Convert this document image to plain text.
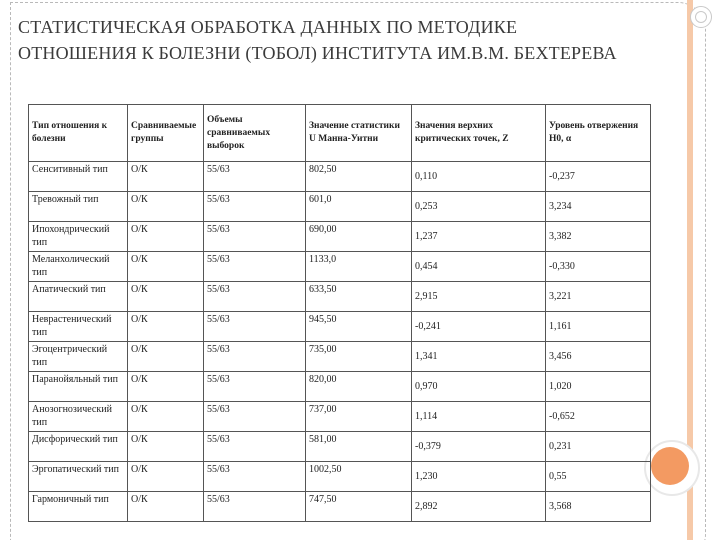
СТАТИСТИЧЕСКАЯ ОБРАБОТКА ДАННЫХ ПО МЕТОДИКЕ ОТНОШЕНИЯ К БОЛЕЗНИ (ТОБОЛ) ИНСТИТУТА ИМ.В.М. БЕХТЕРЕВА
Тип отношения к болезни	Сравниваемые группы	Объемы сравниваемых выборок	Значение статистики U Манна-Уитни	Значения верхних критических точек, Z	Уровень отвержения H0, α
Сенситивный тип	О/К	55/63	802,50	0,110	-0,237
Тревожный тип	О/К	55/63	601,0	0,253	3,234
Ипохондрический тип	О/К	55/63	690,00	1,237	3,382
Меланхолический тип	О/К	55/63	1133,0	0,454	-0,330
Апатический тип	О/К	55/63	633,50	2,915	3,221
Неврастенический тип	О/К	55/63	945,50	-0,241	1,161
Эгоцентрический тип	О/К	55/63	735,00	1,341	3,456
Паранойяльный тип	О/К	55/63	820,00	0,970	1,020
Анозогнозический тип	О/К	55/63	737,00	1,114	-0,652
Дисфорический тип	О/К	55/63	581,00	-0,379	0,231
Эргопатический тип	О/К	55/63	1002,50	1,230	0,55
Гармоничный тип	О/К	55/63	747,50	2,892	3,568
